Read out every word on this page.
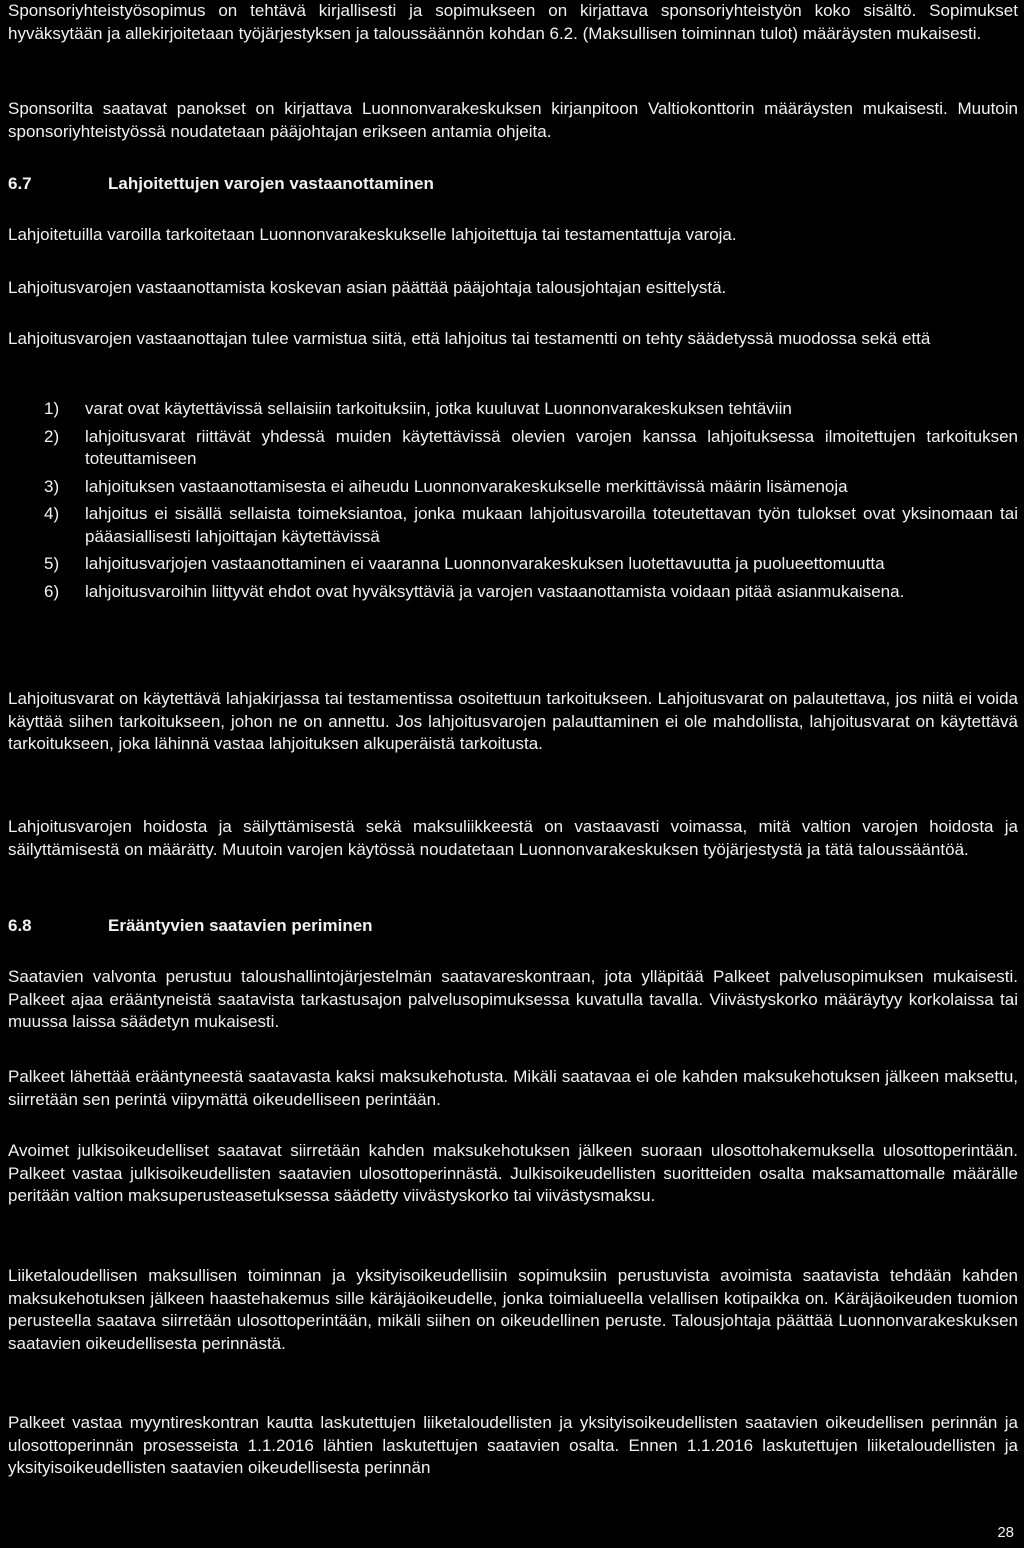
Sponsoriyhteistyösopimus on tehtävä kirjallisesti ja sopimukseen on kirjattava sponsoriyhteistyön koko sisältö. Sopimukset hyväksytään ja allekirjoitetaan työjärjestyksen ja taloussäännön kohdan 6.2. (Maksullisen toiminnan tulot) määräysten mukaisesti.

Sponsorilta saatavat panokset on kirjattava Luonnonvarakeskuksen kirjanpitoon Valtiokonttorin määräysten mukaisesti. Muutoin sponsoriyhteistyössä noudatetaan pääjohtajan erikseen antamia ohjeita.

6.7	Lahjoitettujen varojen vastaanottaminen

Lahjoitetuilla varoilla tarkoitetaan Luonnonvarakeskukselle lahjoitettuja tai testamentattuja varoja.

Lahjoitusvarojen vastaanottamista koskevan asian päättää pääjohtaja talousjohtajan esittelystä.

Lahjoitusvarojen vastaanottajan tulee varmistua siitä, että lahjoitus tai testamentti on tehty säädetyssä muodossa sekä että

1)	varat ovat käytettävissä sellaisiin tarkoituksiin, jotka kuuluvat Luonnonvarakeskuksen tehtäviin
2)	lahjoitusvarat riittävät yhdessä muiden käytettävissä olevien varojen kanssa lahjoituksessa ilmoitettujen tarkoituksen toteuttamiseen
3)	lahjoituksen vastaanottamisesta ei aiheudu Luonnonvarakeskukselle merkittävissä määrin lisämenoja
4)	lahjoitus ei sisällä sellaista toimeksiantoa, jonka mukaan lahjoitusvaroilla toteutettavan työn tulokset ovat yksinomaan tai pääasiallisesti lahjoittajan käytettävissä
5)	lahjoitusvarjojen vastaanottaminen ei vaaranna Luonnonvarakeskuksen luotettavuutta ja puolueettomuutta
6)	lahjoitusvaroihin liittyvät ehdot ovat hyväksyttäviä ja varojen vastaanottamista voidaan pitää asianmukaisena.

Lahjoitusvarat on käytettävä lahjakirjassa tai testamentissa osoitettuun tarkoitukseen. Lahjoitusvarat on palautettava, jos niitä ei voida käyttää siihen tarkoitukseen, johon ne on annettu. Jos lahjoitusvarojen palauttaminen ei ole mahdollista, lahjoitusvarat on käytettävä tarkoitukseen, joka lähinnä vastaa lahjoituksen alkuperäistä tarkoitusta.

Lahjoitusvarojen hoidosta ja säilyttämisestä sekä maksuliikkeestä on vastaavasti voimassa, mitä valtion varojen hoidosta ja säilyttämisestä on määrätty. Muutoin varojen käytössä noudatetaan Luonnonvarakeskuksen työjärjestystä ja tätä taloussääntöä.

6.8	Erääntyvien saatavien periminen

Saatavien valvonta perustuu taloushallintojärjestelmän saatavareskontraan, jota ylläpitää Palkeet palvelusopimuksen mukaisesti. Palkeet ajaa erääntyneistä saatavista tarkastusajon palvelusopimuksessa kuvatulla tavalla. Viivästyskorko määräytyy korkolaissa tai muussa laissa säädetyn mukaisesti.

Palkeet lähettää erääntyneestä saatavasta kaksi maksukehotusta. Mikäli saatavaa ei ole kahden maksukehotuksen jälkeen maksettu, siirretään sen perintä viipymättä oikeudelliseen perintään.

Avoimet julkisoikeudelliset saatavat siirretään kahden maksukehotuksen jälkeen suoraan ulosottohakemuksella ulosottoperintään. Palkeet vastaa julkisoikeudellisten saatavien ulosottoperinnästä. Julkisoikeudellisten suoritteiden osalta maksamattomalle määrälle peritään valtion maksuperusteasetuksessa säädetty viivästyskorko tai viivästysmaksu.

Liiketaloudellisen maksullisen toiminnan ja yksityisoikeudellisiin sopimuksiin perustuvista avoimista saatavista tehdään kahden maksukehotuksen jälkeen haastehakemus sille käräjäoikeudelle, jonka toimialueella velallisen kotipaikka on. Käräjäoikeuden tuomion perusteella saatava siirretään ulosottoperintään, mikäli siihen on oikeudellinen peruste. Talousjohtaja päättää Luonnonvarakeskuksen saatavien oikeudellisesta perinnästä.

Palkeet vastaa myyntireskontran kautta laskutettujen liiketaloudellisten ja yksityisoikeudellisten saatavien oikeudellisen perinnän ja ulosottoperinnän prosesseista 1.1.2016 lähtien laskutettujen saatavien osalta. Ennen 1.1.2016 laskutettujen liiketaloudellisten ja yksityisoikeudellisten saatavien oikeudellisesta perinnän

28
